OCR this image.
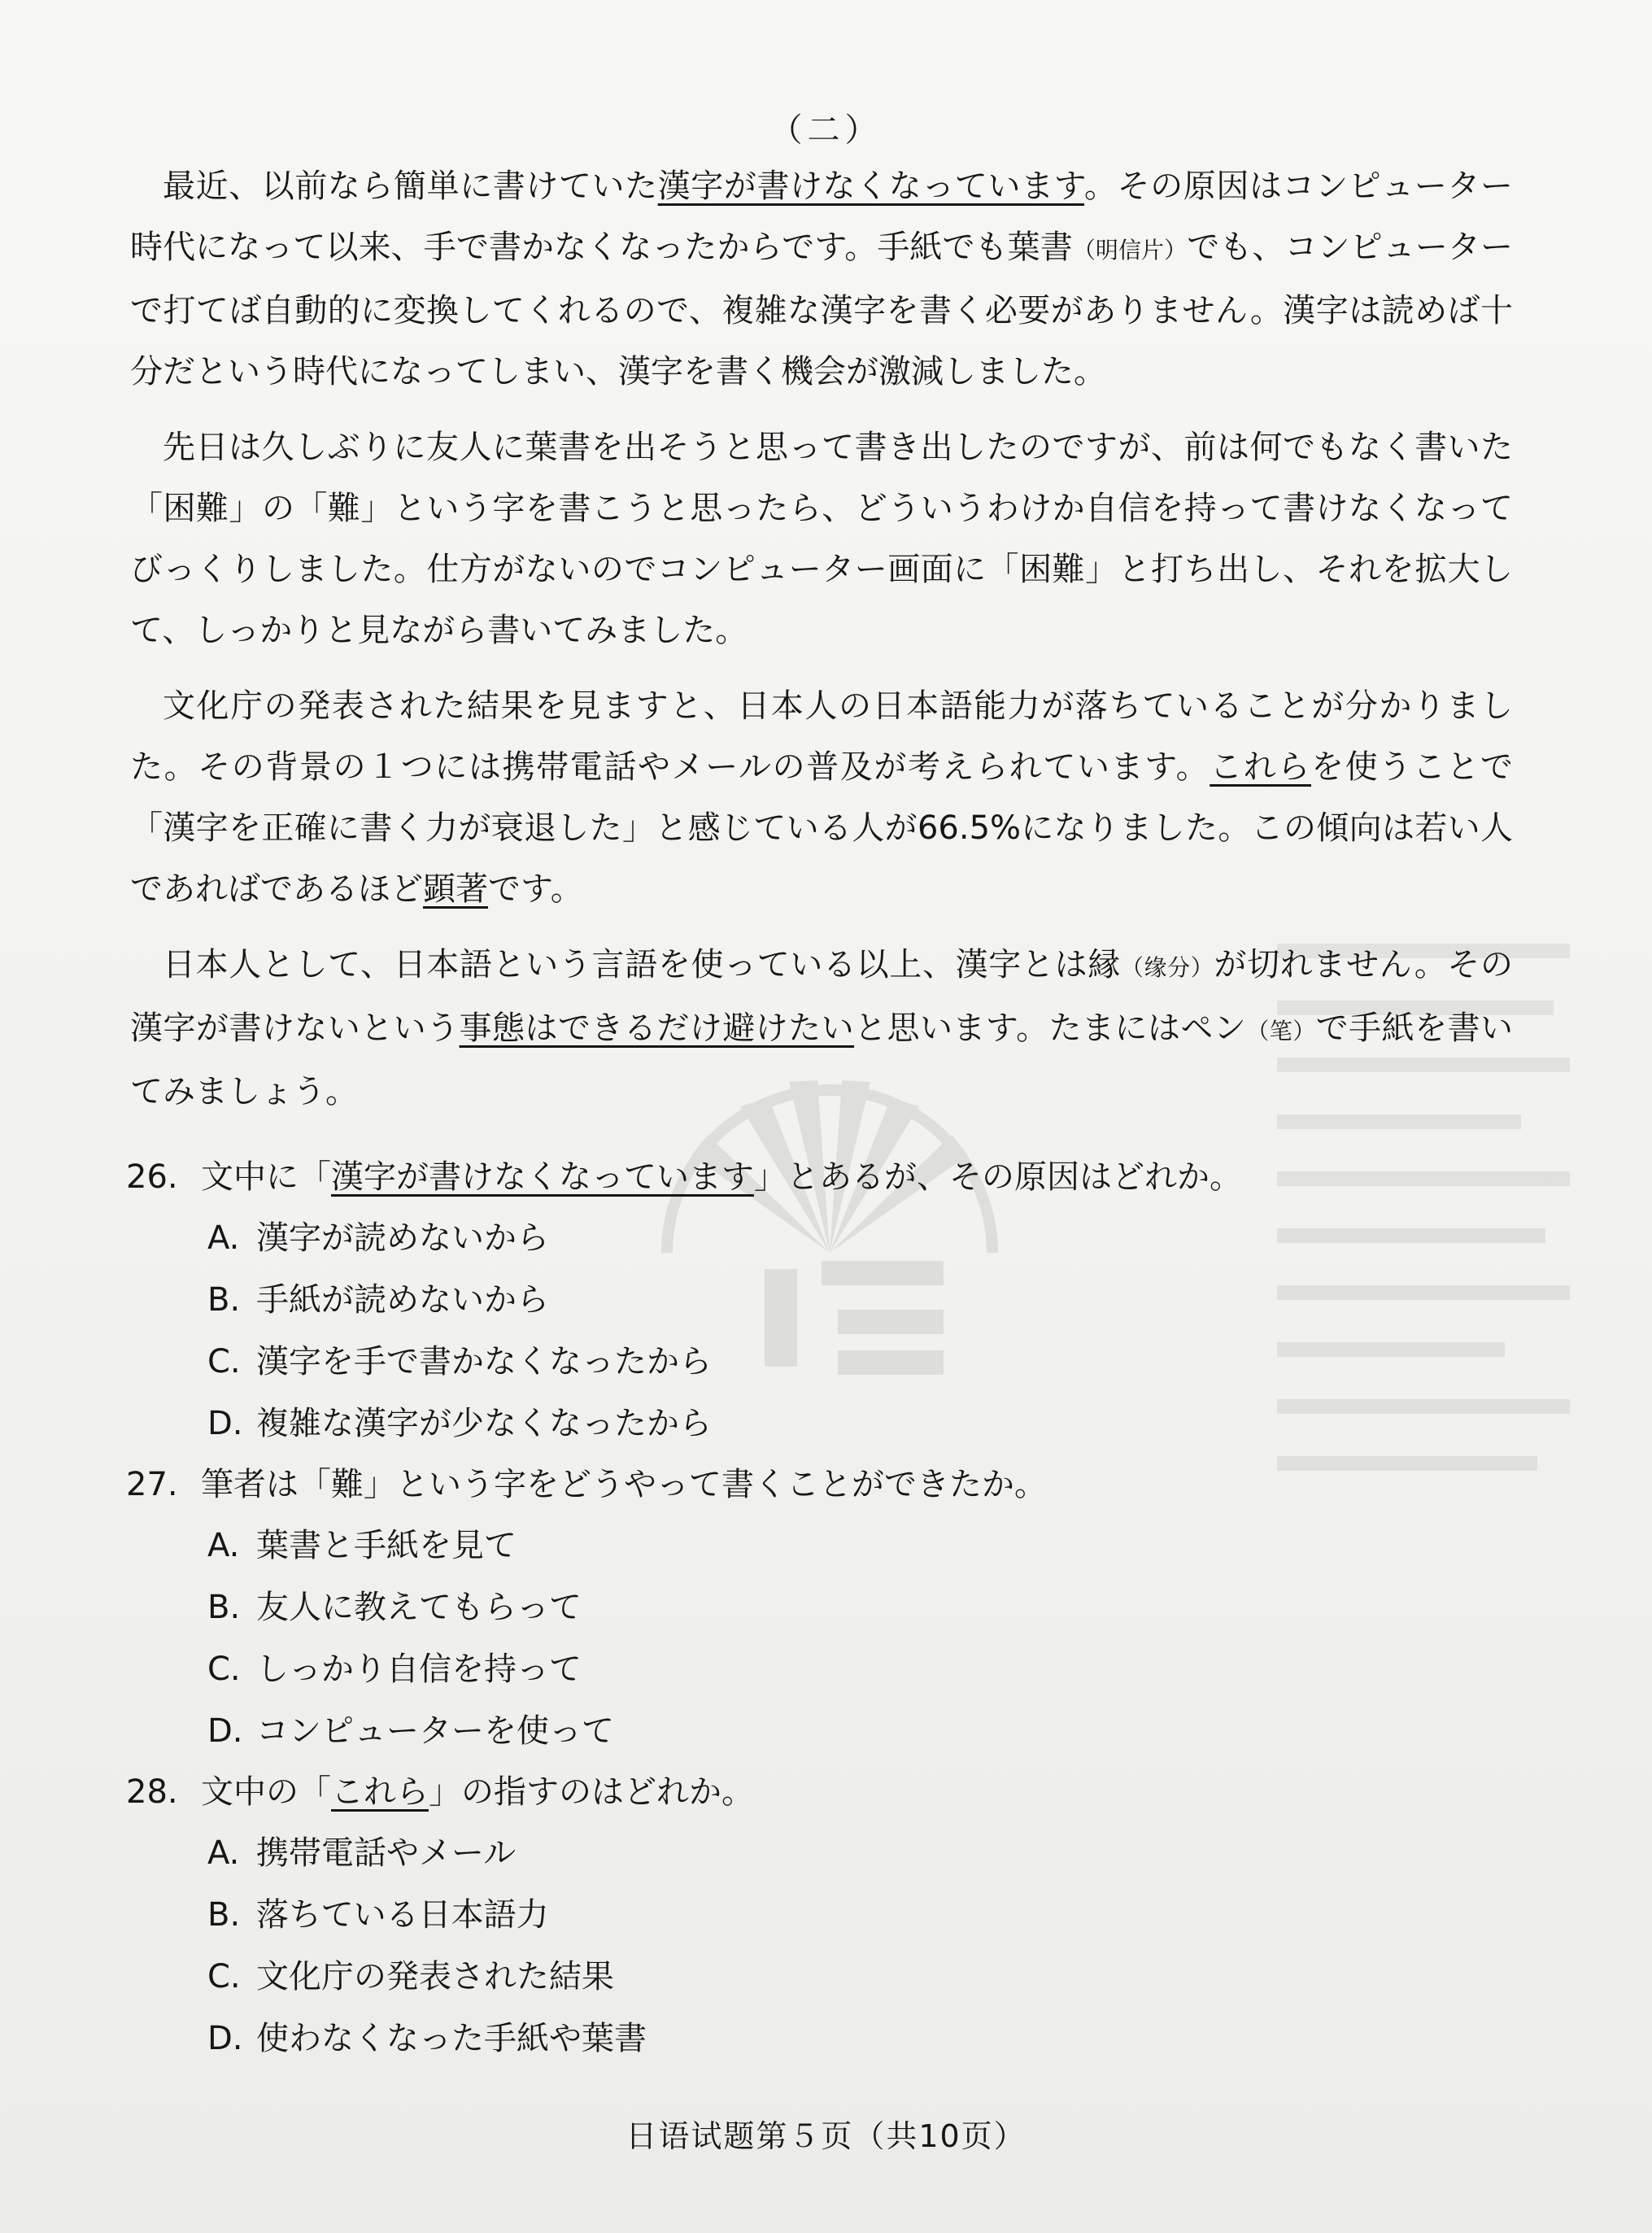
（二）

最近、以前なら簡単に書けていた漢字が書けなくなっています。その原因はコンピューター時代になって以来、手で書かなくなったからです。手紙でも葉書（明信片）でも、コンピューターで打てば自動的に変換してくれるので、複雑な漢字を書く必要がありません。漢字は読めば十分だという時代になってしまい、漢字を書く機会が激減しました。

先日は久しぶりに友人に葉書を出そうと思って書き出したのですが、前は何でもなく書いた「困難」の「難」という字を書こうと思ったら、どういうわけか自信を持って書けなくなってびっくりしました。仕方がないのでコンピューター画面に「困難」と打ち出し、それを拡大して、しっかりと見ながら書いてみました。

文化庁の発表された結果を見ますと、日本人の日本語能力が落ちていることが分かりました。その背景の１つには携帯電話やメールの普及が考えられています。これらを使うことで「漢字を正確に書く力が衰退した」と感じている人が66.5%になりました。この傾向は若い人であればであるほど顕著です。

日本人として、日本語という言語を使っている以上、漢字とは縁（缘分）が切れません。その漢字が書けないという事態はできるだけ避けたいと思います。たまにはペン（笔）で手紙を書いてみましょう。

26. 文中に「漢字が書けなくなっています」とあるが、その原因はどれか。
A. 漢字が読めないから
B. 手紙が読めないから
C. 漢字を手で書かなくなったから
D. 複雑な漢字が少なくなったから
27. 筆者は「難」という字をどうやって書くことができたか。
A. 葉書と手紙を見て
B. 友人に教えてもらって
C. しっかり自信を持って
D. コンピューターを使って
28. 文中の「これら」の指すのはどれか。
A. 携帯電話やメール
B. 落ちている日本語力
C. 文化庁の発表された結果
D. 使わなくなった手紙や葉書
日语试题第５页（共10页）
